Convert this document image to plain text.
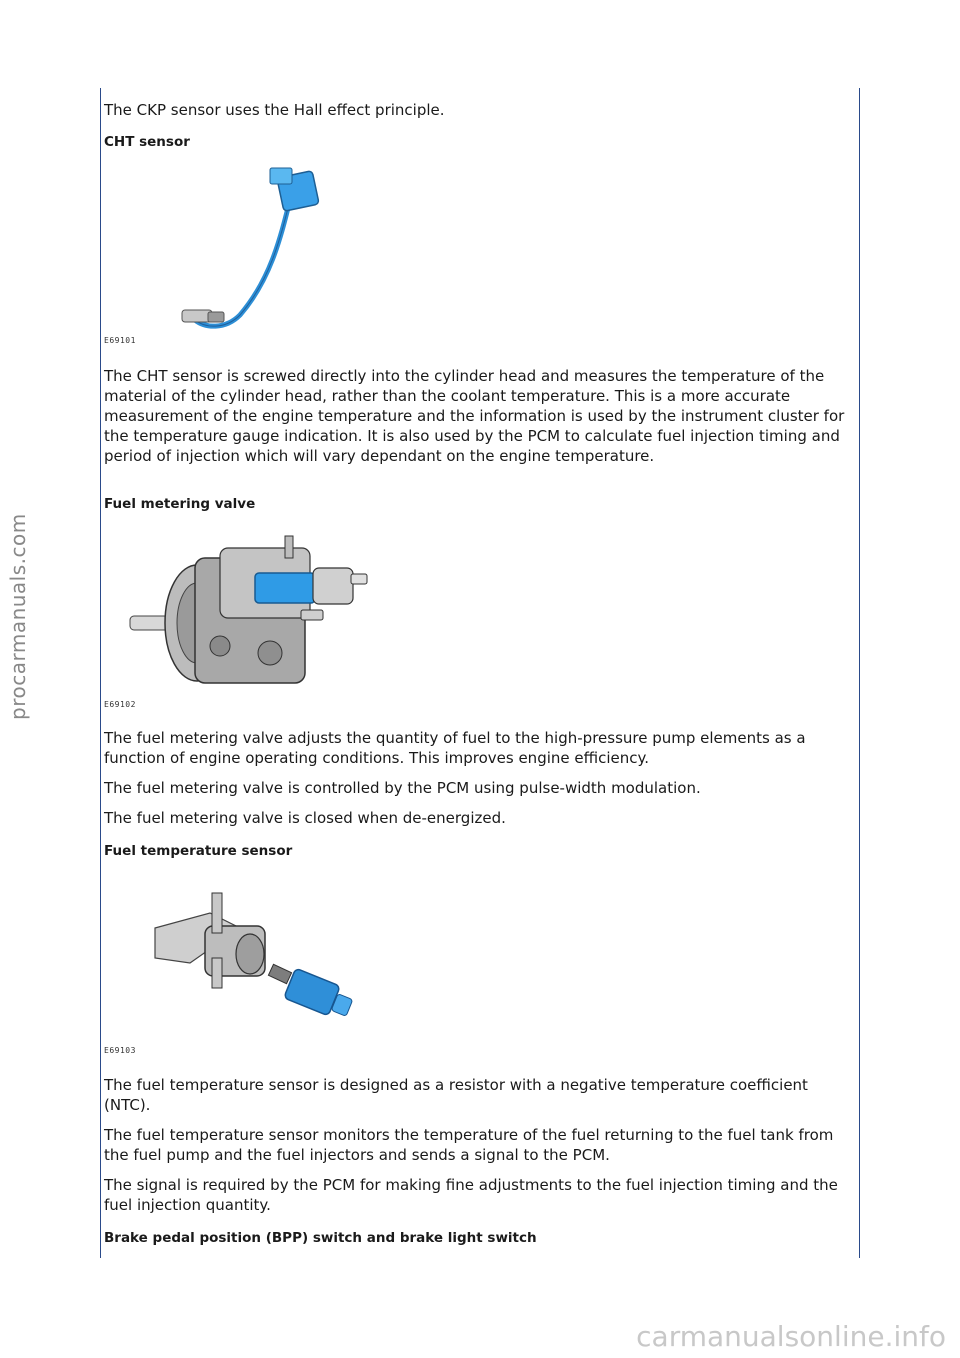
procarmanuals.com

The CKP sensor uses the Hall effect principle.

CHT sensor
E69101

The CHT sensor is screwed directly into the cylinder head and measures the temperature of the material of the cylinder head, rather than the coolant temperature. This is a more accurate measurement of the engine temperature and the information is used by the instrument cluster for the temperature gauge indication. It is also used by the PCM to calculate fuel injection timing and period of injection which will vary dependant on the engine temperature.

Fuel metering valve
E69102

The fuel metering valve adjusts the quantity of fuel to the high-pressure pump elements as a function of engine operating conditions. This improves engine efficiency.

The fuel metering valve is controlled by the PCM using pulse-width modulation.

The fuel metering valve is closed when de-energized.

Fuel temperature sensor
E69103

The fuel temperature sensor is designed as a resistor with a negative temperature coefficient (NTC).

The fuel temperature sensor monitors the temperature of the fuel returning to the fuel tank from the fuel pump and the fuel injectors and sends a signal to the PCM.

The signal is required by the PCM for making fine adjustments to the fuel injection timing and the fuel injection quantity.

Brake pedal position (BPP) switch and brake light switch
carmanualsonline.info
